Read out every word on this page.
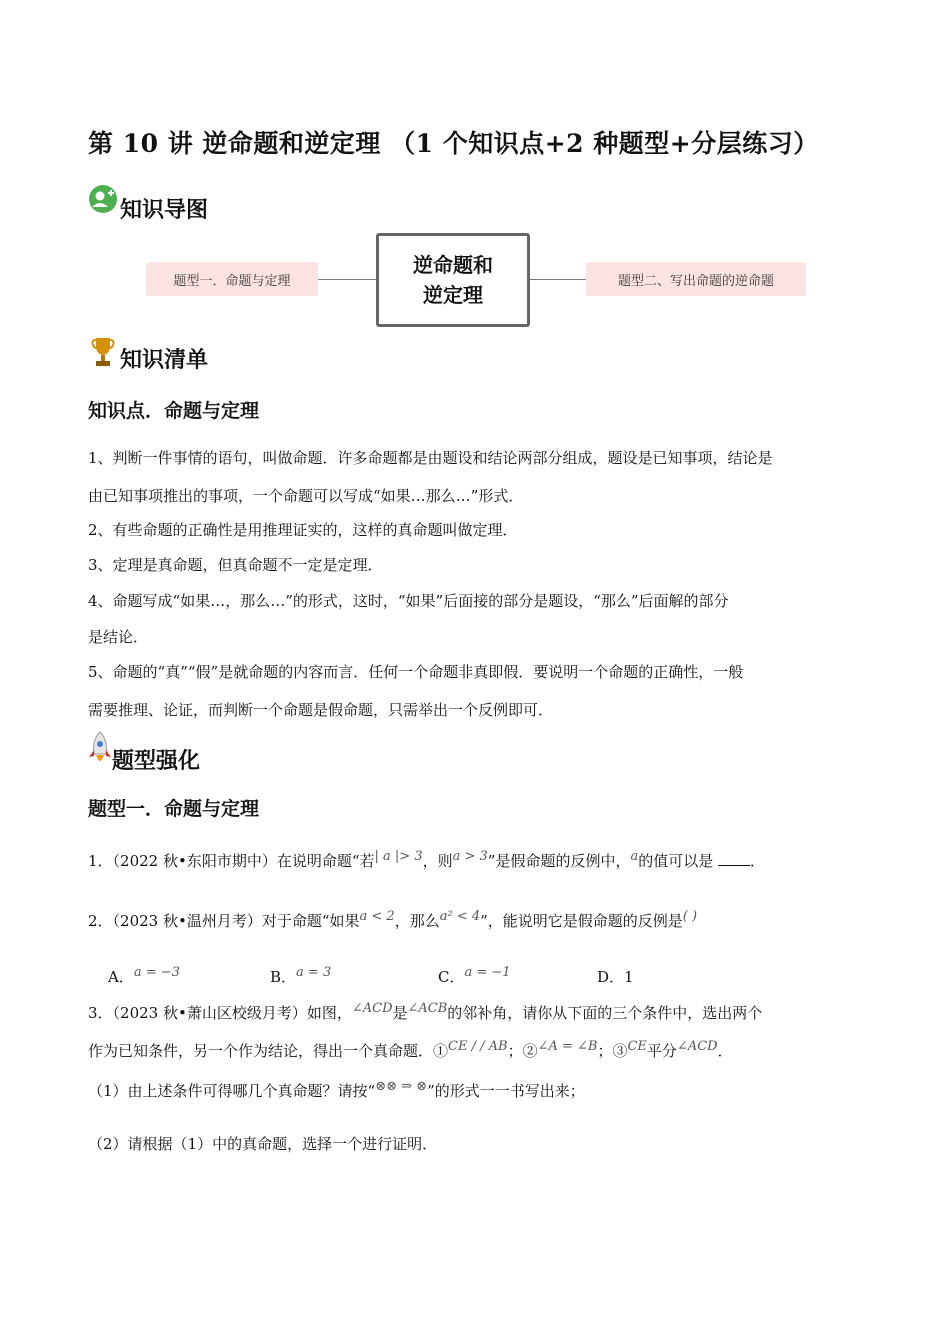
第 10 讲 逆命题和逆定理 （1 个知识点+2 种题型+分层练习）
知识导图
题型一．命题与定理
逆命题和
逆定理
题型二、写出命题的逆命题
知识清单
知识点．命题与定理
1、判断一件事情的语句，叫做命题．许多命题都是由题设和结论两部分组成，题设是已知事项，结论是
由已知事项推出的事项，一个命题可以写成“如果…那么…”形式．
2、有些命题的正确性是用推理证实的，这样的真命题叫做定理．
3、定理是真命题，但真命题不一定是定理．
4、命题写成“如果…，那么…”的形式，这时，“如果”后面接的部分是题设，“那么”后面解的部分
是结论．
5、命题的“真”“假”是就命题的内容而言．任何一个命题非真即假．要说明一个命题的正确性，一般
需要推理、论证，而判断一个命题是假命题，只需举出一个反例即可．
题型强化
题型一．命题与定理
1．（2022 秋•东阳市期中）在说明命题“若| a |> 3，则a > 3”是假命题的反例中，a的值可以是 ．
2．（2023 秋•温州月考）对于命题“如果a < 2，那么a² < 4”，能说明它是假命题的反例是( )
A．a = −3	B．a = 3	C．a = −1	D．1
3．（2023 秋•萧山区校级月考）如图，∠ACD是∠ACB的邻补角，请你从下面的三个条件中，选出两个
作为已知条件，另一个作为结论，得出一个真命题．①CE / / AB；②∠A = ∠B；③CE平分∠ACD．
（1）由上述条件可得哪几个真命题？请按“⊗⊗ ⇒ ⊗”的形式一一书写出来；
（2）请根据（1）中的真命题，选择一个进行证明．
